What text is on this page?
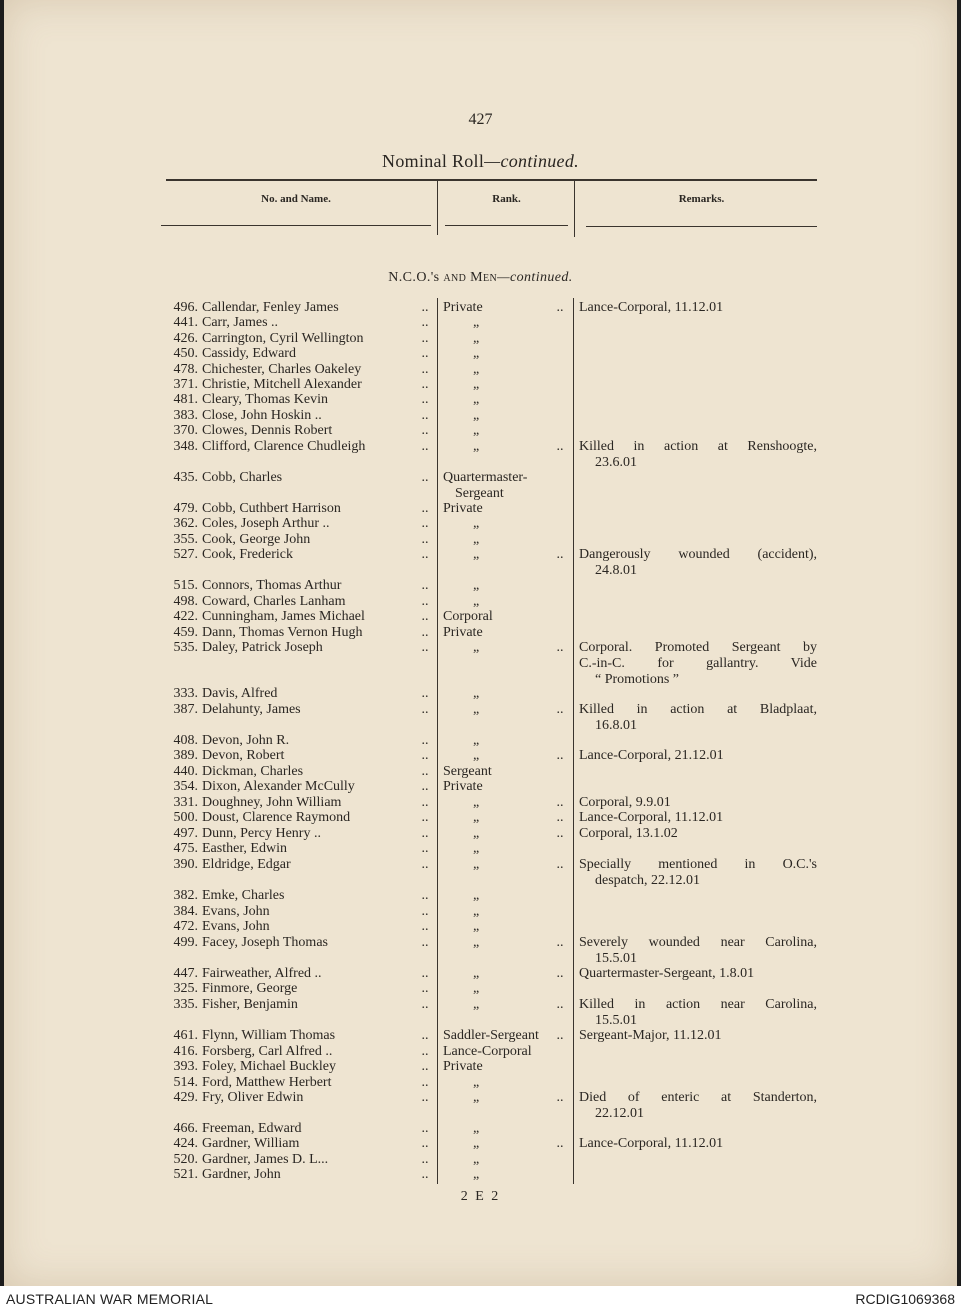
427
Nominal Roll—continued.
No. and Name.	Rank.	Remarks.
N.C.O.'s and Men—continued.
496. Callendar, Fenley James	..	Private	..	Lance-Corporal, 11.12.01
441. Carr, James ..	..	„
426. Carrington, Cyril Wellington	..	„
450. Cassidy, Edward	..	„
478. Chichester, Charles Oakeley	..	„
371. Christie, Mitchell Alexander	..	„
481. Cleary, Thomas Kevin	..	„
383. Close, John Hoskin ..	..	„
370. Clowes, Dennis Robert	..	„
348. Clifford, Clarence Chudleigh	..	„	..	Killed in action at Renshoogte,
23.6.01
435. Cobb, Charles	..	Quartermaster-
Sergeant
479. Cobb, Cuthbert Harrison	..	Private
362. Coles, Joseph Arthur ..	..	„
355. Cook, George John	..	„
527. Cook, Frederick	..	„	..	Dangerously wounded (accident),
24.8.01
515. Connors, Thomas Arthur	..	„
498. Coward, Charles Lanham	..	„
422. Cunningham, James Michael	..	Corporal
459. Dann, Thomas Vernon Hugh	..	Private
535. Daley, Patrick Joseph	..	„	..	Corporal. Promoted Sergeant by
C.-in-C. for gallantry. Vide
“ Promotions ”
333. Davis, Alfred	..	„
387. Delahunty, James	..	„	..	Killed in action at Bladplaat,
16.8.01
408. Devon, John R.	..	„
389. Devon, Robert	..	„	..	Lance-Corporal, 21.12.01
440. Dickman, Charles	..	Sergeant
354. Dixon, Alexander McCully	..	Private
331. Doughney, John William	..	„	..	Corporal, 9.9.01
500. Doust, Clarence Raymond	..	„	..	Lance-Corporal, 11.12.01
497. Dunn, Percy Henry ..	..	„	..	Corporal, 13.1.02
475. Easther, Edwin	..	„
390. Eldridge, Edgar	..	„	..	Specially mentioned in O.C.'s
despatch, 22.12.01
382. Emke, Charles	..	„
384. Evans, John	..	„
472. Evans, John	..	„
499. Facey, Joseph Thomas	..	„	..	Severely wounded near Carolina,
15.5.01
447. Fairweather, Alfred ..	..	„	..	Quartermaster-Sergeant, 1.8.01
325. Finmore, George	..	„
335. Fisher, Benjamin	..	„	..	Killed in action near Carolina,
15.5.01
461. Flynn, William Thomas	..	Saddler-Sergeant	..	Sergeant-Major, 11.12.01
416. Forsberg, Carl Alfred ..	..	Lance-Corporal
393. Foley, Michael Buckley	..	Private
514. Ford, Matthew Herbert	..	„
429. Fry, Oliver Edwin	..	„	..	Died of enteric at Standerton,
22.12.01
466. Freeman, Edward	..	„
424. Gardner, William	..	„	..	Lance-Corporal, 11.12.01
520. Gardner, James D. L...	..	„
521. Gardner, John	..	„
2 E 2
AUSTRALIAN WAR MEMORIAL	RCDIG1069368
